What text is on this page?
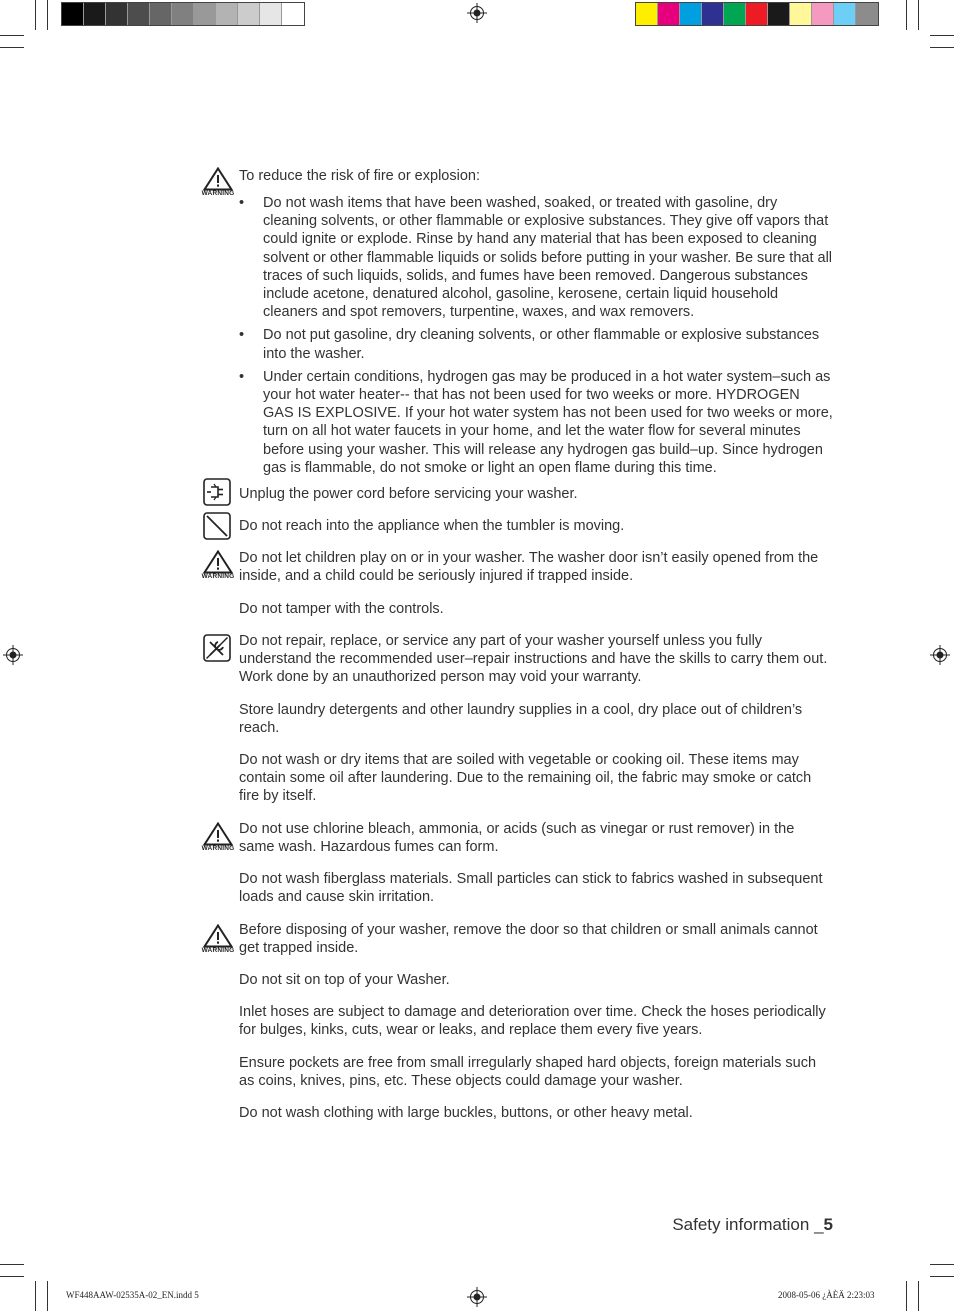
WARNING
To reduce the risk of fire or explosion:
• Do not wash items that have been washed, soaked, or treated with gasoline, dry cleaning solvents, or other flammable or explosive substances. They give off vapors that could ignite or explode. Rinse by hand any material that has been exposed to cleaning solvent or other flammable liquids or solids before putting in your washer. Be sure that all traces of such liquids, solids, and fumes have been removed. Dangerous substances include acetone, denatured alcohol, gasoline, kerosene, certain liquid household cleaners and spot removers, turpentine, waxes, and wax removers.
• Do not put gasoline, dry cleaning solvents, or other flammable or explosive substances into the washer.
• Under certain conditions, hydrogen gas may be produced in a hot water system–such as your hot water heater-- that has not been used for two weeks or more. HYDROGEN GAS IS EXPLOSIVE. If your hot water system has not been used for two weeks or more, turn on all hot water faucets in your home, and let the water flow for several minutes before using your washer. This will release any hydrogen gas build–up. Since hydrogen gas is flammable, do not smoke or light an open flame during this time.
Unplug the power cord before servicing your washer.
Do not reach into the appliance when the tumbler is moving.
WARNING
Do not let children play on or in your washer. The washer door isn’t easily opened from the inside, and a child could be seriously injured if trapped inside.
Do not tamper with the controls.
Do not repair, replace, or service any part of your washer yourself unless you fully understand the recommended user–repair instructions and have the skills to carry them out. Work done by an unauthorized person may void your warranty.
Store laundry detergents and other laundry supplies in a cool, dry place out of children’s reach.
Do not wash or dry items that are soiled with vegetable or cooking oil. These items may contain some oil after laundering. Due to the remaining oil, the fabric may smoke or catch fire by itself.
WARNING
Do not use chlorine bleach, ammonia, or acids (such as vinegar or rust remover) in the same wash. Hazardous fumes can form.
Do not wash fiberglass materials. Small particles can stick to fabrics washed in subsequent loads and cause skin irritation.
WARNING
Before disposing of your washer, remove the door so that children or small animals cannot get trapped inside.
Do not sit on top of your Washer.
Inlet hoses are subject to damage and deterioration over time. Check the hoses periodically for bulges, kinks, cuts, wear or leaks, and replace them every five years.
Ensure pockets are free from small irregularly shaped hard objects, foreign materials such as coins, knives, pins, etc. These objects could damage your washer.
Do not wash clothing with large buckles, buttons, or other heavy metal.
Safety information _5
WF448AAW-02535A-02_EN.indd 5	2008-05-06 ¿ÀÈÄ 2:23:03
